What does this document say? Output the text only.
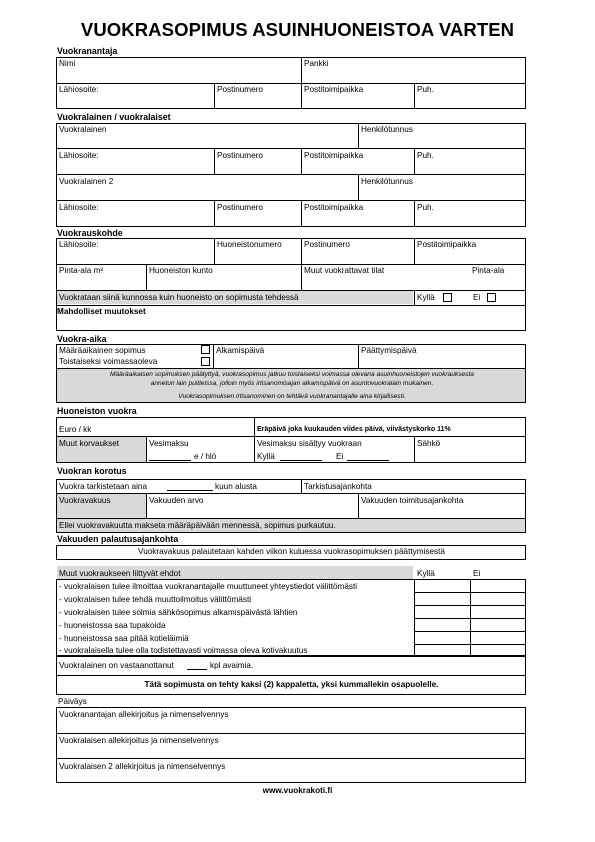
VUOKRASOPIMUS ASUINHUONEISTOA VARTEN
Vuokranantaja
Nimi	Pankki
Lähiosoite:	Postinumero	Postitoimipaikka	Puh.
Vuokralainen / vuokralaiset
Vuokralainen	Henkilötunnus
Lähiosoite:	Postinumero	Postitoimipaikka	Puh.
Vuokralainen 2	Henkilötunnus
Lähiosoite:	Postinumero	Postitoimipaikka	Puh.
Vuokrauskohde
Lähiosoite:	Huoneistonumero	Postinumero	Postitoimipaikka
Pinta-ala m²	Huoneiston kunto	Muut vuokrattavat tilat	Pinta-ala
Vuokrataan siinä kunnossa kuin huoneisto on sopimusta tehdessä	Kyllä	Ei
Mahdolliset muutokset
Vuokra-aika
Määräaikainen sopimus
Toistaiseksi voimassaoleva
Alkamispäivä	Päättymispäivä
Määräaikaisen sopimuksen päätyttyä, vuokrasopimus jatkuu toistaiseksi voimassa olevana asuinhuoneistojen vuokrauksesta
annetun lain puitteissa, jolloin myös irtisanomisajan alkamispäivä on asuntovuokralain mukainen.
Vuokrasopimuksen irtisanominen on tehtävä vuokranantajalle aina kirjallisesti.
Huoneiston vuokra
Euro / kk	Eräpäivä joka kuukauden viides päivä, viivästyskorko 11%
Muut korvaukset	Vesimaksu
e / hlö
Vesimaksu sisältyy vuokraan
Kyllä	Ei
Sähkö
Vuokran korotus
Vuokra tarkistetaan aina	kuun alusta	Tarkistusajankohta
Vuokravakuus	Vakuuden arvo	Vakuuden toimitusajankohta
Ellei vuokravakuutta makseta määräpäivään mennessä, sopimus purkautuu.
Vakuuden palautusajankohta
Vuokravakuus palautetaan kahden viikon kuluessa vuokrasopimuksen päättymisestä
Muut vuokraukseen liittyvät ehdot	Kyllä	Ei
- vuokralaisen tulee ilmoittaa vuokranantajalle muuttuneet yhteystiedot välittömästi
- vuokralaisen tulee tehdä muuttoilmoitus välittömästi
- vuokralaisen tulee solmia sähkösopimus alkamispäivästä lähtien
- huoneistossa saa tupakoida
- huoneistossa saa pitää kotieläimiä
- vuokralaisella tulee olla todistettavasti voimassa oleva kotivakuutus
Vuokralainen on vastaanottanut	kpl avaimia.
Tätä sopimusta on tehty kaksi (2) kappaletta, yksi kummallekin osapuolelle.
Päiväys
Vuokranantajan allekirjoitus ja nimenselvennys
Vuokralaisen allekirjoitus ja nimenselvennys
Vuokralaisen 2 allekirjoitus ja nimenselvennys
www.vuokrakoti.fi
